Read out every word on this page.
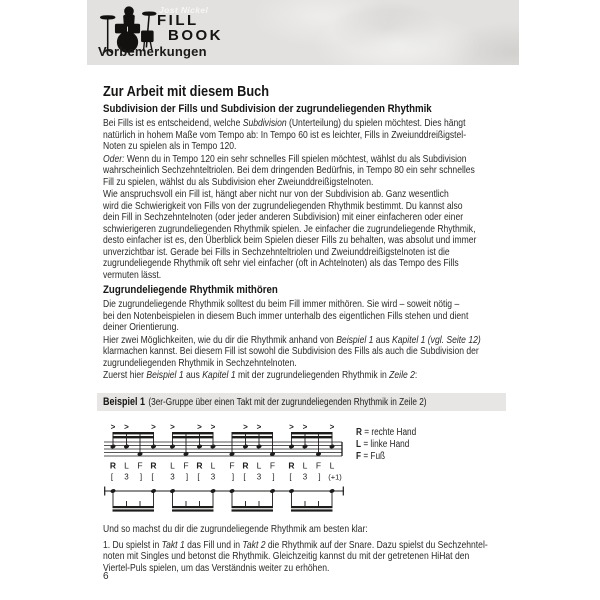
Jost Nickel
FILL
BOOK
Vorbemerkungen
Zur Arbeit mit diesem Buch
Subdivision der Fills und Subdivision der zugrundeliegenden Rhythmik
Bei Fills ist es entscheidend, welche Subdivision (Unterteilung) du spielen möchtest. Dies hängt
natürlich in hohem Maße vom Tempo ab: In Tempo 60 ist es leichter, Fills in Zweiunddreißigstel-
Noten zu spielen als in Tempo 120.
Oder: Wenn du in Tempo 120 ein sehr schnelles Fill spielen möchtest, wählst du als Subdivision
wahrscheinlich Sechzehnteltriolen. Bei dem dringenden Bedürfnis, in Tempo 80 ein sehr schnelles
Fill zu spielen, wählst du als Subdivision eher Zweiunddreißigstelnoten.
Wie anspruchsvoll ein Fill ist, hängt aber nicht nur von der Subdivision ab. Ganz wesentlich
wird die Schwierigkeit von Fills von der zugrundeliegenden Rhythmik bestimmt. Du kannst also
dein Fill in Sechzehntelnoten (oder jeder anderen Subdivision) mit einer einfacheren oder einer
schwierigeren zugrundeliegenden Rhythmik spielen. Je einfacher die zugrundeliegende Rhythmik,
desto einfacher ist es, den Überblick beim Spielen dieser Fills zu behalten, was absolut und immer
unverzichtbar ist. Gerade bei Fills in Sechzehnteltriolen und Zweiunddreißigstelnoten ist die
zugrundeliegende Rhythmik oft sehr viel einfacher (oft in Achtelnoten) als das Tempo des Fills
vermuten lässt.
Zugrundeliegende Rhythmik mithören
Die zugrundeliegende Rhythmik solltest du beim Fill immer mithören. Sie wird – soweit nötig –
bei den Notenbeispielen in diesem Buch immer unterhalb des eigentlichen Fills stehen und dient
deiner Orientierung.
Hier zwei Möglichkeiten, wie du dir die Rhythmik anhand von Beispiel 1 aus Kapitel 1 (vgl. Seite 12)
klarmachen kannst. Bei diesem Fill ist sowohl die Subdivision des Fills als auch die Subdivision der
zugrundeliegenden Rhythmik in Sechzehntelnoten.
Zuerst hier Beispiel 1 aus Kapitel 1 mit der zugrundeliegenden Rhythmik in Zeile 2:
Beispiel 1 (3er-Gruppe über einen Takt mit der zugrundeliegenden Rhythmik in Zeile 2)
> >	> >	> >	> >	> >	>
R L F R L F R L F R L F R L F L
[ 3 ] [ 3 ] [ 3 ] [ 3 ] [ 3 ] (+1)
R = rechte Hand
L = linke Hand
F = Fuß
Und so machst du dir die zugrundeliegende Rhythmik am besten klar:
1. Du spielst in Takt 1 das Fill und in Takt 2 die Rhythmik auf der Snare. Dazu spielst du Sechzehntel-
noten mit Singles und betonst die Rhythmik. Gleichzeitig kannst du mit der getretenen HiHat den
Viertel-Puls spielen, um das Verständnis weiter zu erhöhen.
6
